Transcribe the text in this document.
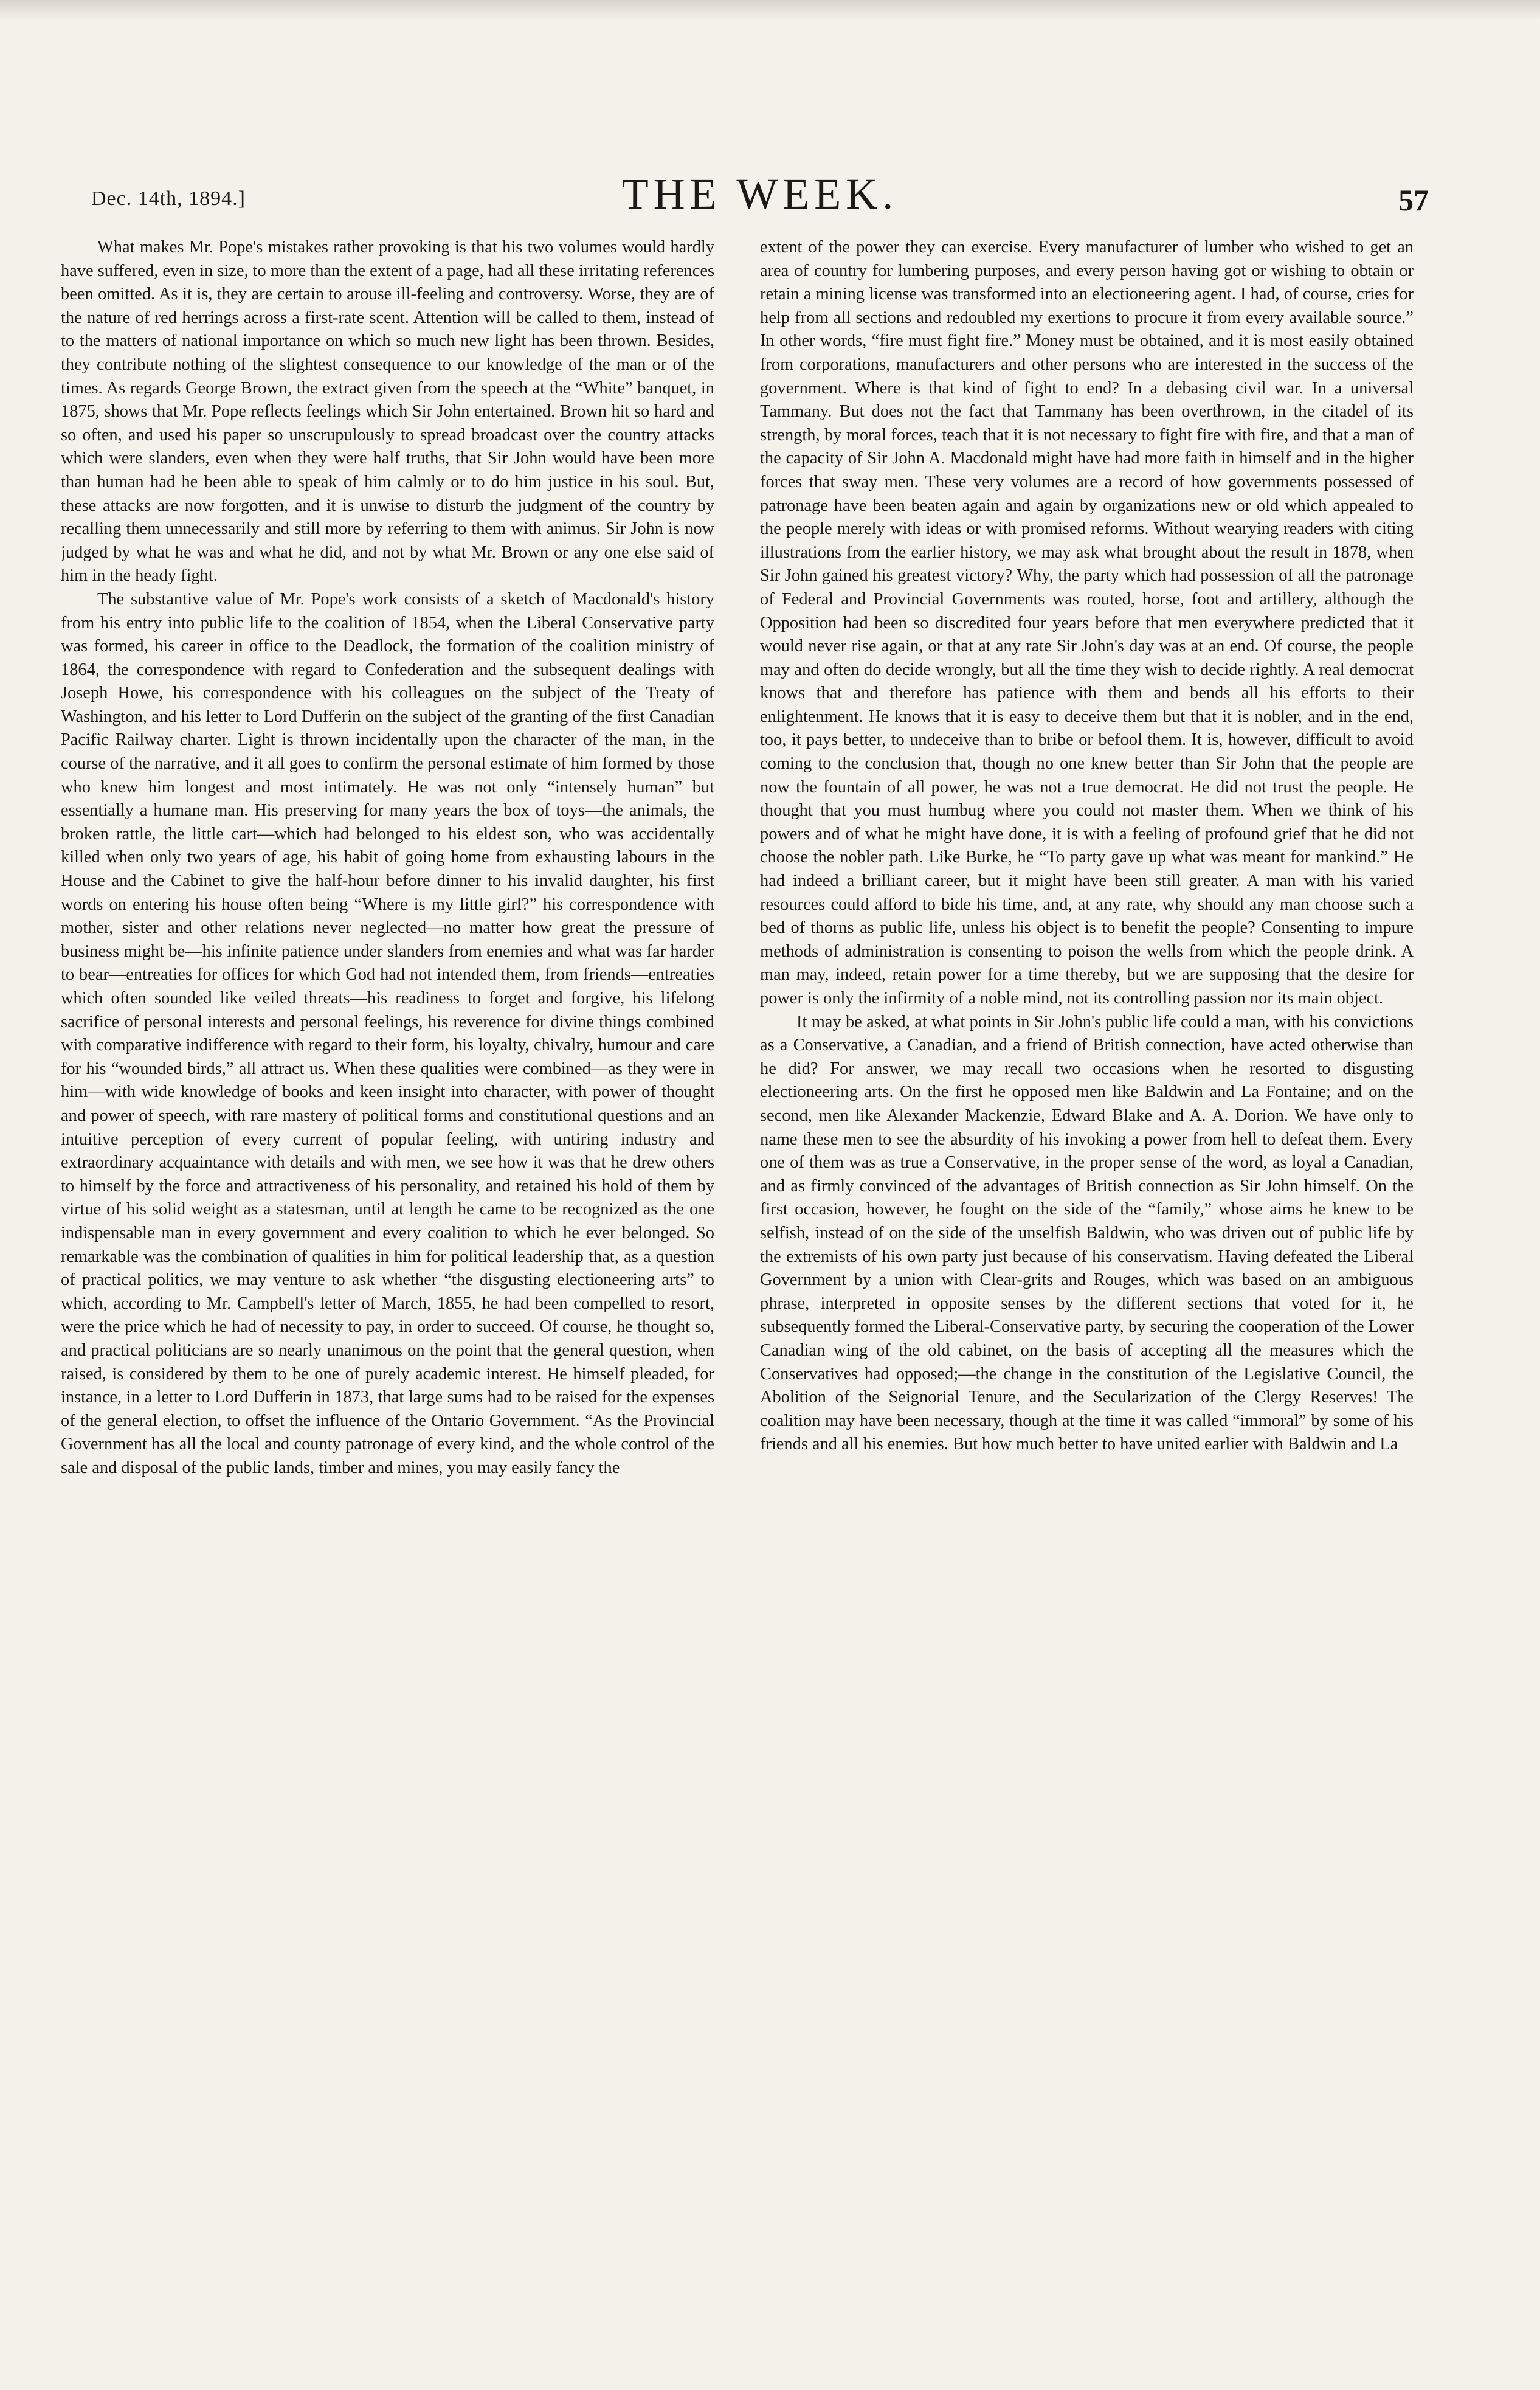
Dec. 14th, 1894.]	THE WEEK.	57

What makes Mr. Pope's mistakes rather provoking is that his two volumes would hardly have suffered, even in size, to more than the extent of a page, had all these irritating references been omitted. As it is, they are certain to arouse ill-feeling and controversy. Worse, they are of the nature of red herrings across a first-rate scent. Attention will be called to them, instead of to the matters of national importance on which so much new light has been thrown. Besides, they contribute nothing of the slightest consequence to our knowledge of the man or of the times. As regards George Brown, the extract given from the speech at the “White” banquet, in 1875, shows that Mr. Pope reflects feelings which Sir John entertained. Brown hit so hard and so often, and used his paper so unscrupulously to spread broadcast over the country attacks which were slanders, even when they were half truths, that Sir John would have been more than human had he been able to speak of him calmly or to do him justice in his soul. But, these attacks are now forgotten, and it is unwise to disturb the judgment of the country by recalling them unnecessarily and still more by referring to them with animus. Sir John is now judged by what he was and what he did, and not by what Mr. Brown or any one else said of him in the heady fight.

The substantive value of Mr. Pope's work consists of a sketch of Macdonald's history from his entry into public life to the coalition of 1854, when the Liberal Conservative party was formed, his career in office to the Deadlock, the formation of the coalition ministry of 1864, the correspondence with regard to Confederation and the subsequent dealings with Joseph Howe, his correspondence with his colleagues on the subject of the Treaty of Washington, and his letter to Lord Dufferin on the subject of the granting of the first Canadian Pacific Railway charter. Light is thrown incidentally upon the character of the man, in the course of the narrative, and it all goes to confirm the personal estimate of him formed by those who knew him longest and most intimately. He was not only “intensely human” but essentially a humane man. His preserving for many years the box of toys—the animals, the broken rattle, the little cart—which had belonged to his eldest son, who was accidentally killed when only two years of age, his habit of going home from exhausting labours in the House and the Cabinet to give the half-hour before dinner to his invalid daughter, his first words on entering his house often being “Where is my little girl?” his correspondence with mother, sister and other relations never neglected—no matter how great the pressure of business might be—his infinite patience under slanders from enemies and what was far harder to bear—entreaties for offices for which God had not intended them, from friends—entreaties which often sounded like veiled threats—his readiness to forget and forgive, his lifelong sacrifice of personal interests and personal feelings, his reverence for divine things combined with comparative indifference with regard to their form, his loyalty, chivalry, humour and care for his “wounded birds,” all attract us. When these qualities were combined—as they were in him—with wide knowledge of books and keen insight into character, with power of thought and power of speech, with rare mastery of political forms and constitutional questions and an intuitive perception of every current of popular feeling, with untiring industry and extraordinary acquaintance with details and with men, we see how it was that he drew others to himself by the force and attractiveness of his personality, and retained his hold of them by virtue of his solid weight as a statesman, until at length he came to be recognized as the one indispensable man in every government and every coalition to which he ever belonged. So remarkable was the combination of qualities in him for political leadership that, as a question of practical politics, we may venture to ask whether “the disgusting electioneering arts” to which, according to Mr. Campbell's letter of March, 1855, he had been compelled to resort, were the price which he had of necessity to pay, in order to succeed. Of course, he thought so, and practical politicians are so nearly unanimous on the point that the general question, when raised, is considered by them to be one of purely academic interest. He himself pleaded, for instance, in a letter to Lord Dufferin in 1873, that large sums had to be raised for the expenses of the general election, to offset the influence of the Ontario Government. “As the Provincial Government has all the local and county patronage of every kind, and the whole control of the sale and disposal of the public lands, timber and mines, you may easily fancy the

extent of the power they can exercise. Every manufacturer of lumber who wished to get an area of country for lumbering purposes, and every person having got or wishing to obtain or retain a mining license was transformed into an electioneering agent. I had, of course, cries for help from all sections and redoubled my exertions to procure it from every available source.” In other words, “fire must fight fire.” Money must be obtained, and it is most easily obtained from corporations, manufacturers and other persons who are interested in the success of the government. Where is that kind of fight to end? In a debasing civil war. In a universal Tammany. But does not the fact that Tammany has been overthrown, in the citadel of its strength, by moral forces, teach that it is not necessary to fight fire with fire, and that a man of the capacity of Sir John A. Macdonald might have had more faith in himself and in the higher forces that sway men. These very volumes are a record of how governments possessed of patronage have been beaten again and again by organizations new or old which appealed to the people merely with ideas or with promised reforms. Without wearying readers with citing illustrations from the earlier history, we may ask what brought about the result in 1878, when Sir John gained his greatest victory? Why, the party which had possession of all the patronage of Federal and Provincial Governments was routed, horse, foot and artillery, although the Opposition had been so discredited four years before that men everywhere predicted that it would never rise again, or that at any rate Sir John's day was at an end. Of course, the people may and often do decide wrongly, but all the time they wish to decide rightly. A real democrat knows that and therefore has patience with them and bends all his efforts to their enlightenment. He knows that it is easy to deceive them but that it is nobler, and in the end, too, it pays better, to undeceive than to bribe or befool them. It is, however, difficult to avoid coming to the conclusion that, though no one knew better than Sir John that the people are now the fountain of all power, he was not a true democrat. He did not trust the people. He thought that you must humbug where you could not master them. When we think of his powers and of what he might have done, it is with a feeling of profound grief that he did not choose the nobler path. Like Burke, he “To party gave up what was meant for mankind.” He had indeed a brilliant career, but it might have been still greater. A man with his varied resources could afford to bide his time, and, at any rate, why should any man choose such a bed of thorns as public life, unless his object is to benefit the people? Consenting to impure methods of administration is consenting to poison the wells from which the people drink. A man may, indeed, retain power for a time thereby, but we are supposing that the desire for power is only the infirmity of a noble mind, not its controlling passion nor its main object.

It may be asked, at what points in Sir John's public life could a man, with his convictions as a Conservative, a Canadian, and a friend of British connection, have acted otherwise than he did? For answer, we may recall two occasions when he resorted to disgusting electioneering arts. On the first he opposed men like Baldwin and La Fontaine; and on the second, men like Alexander Mackenzie, Edward Blake and A. A. Dorion. We have only to name these men to see the absurdity of his invoking a power from hell to defeat them. Every one of them was as true a Conservative, in the proper sense of the word, as loyal a Canadian, and as firmly convinced of the advantages of British connection as Sir John himself. On the first occasion, however, he fought on the side of the “family,” whose aims he knew to be selfish, instead of on the side of the unselfish Baldwin, who was driven out of public life by the extremists of his own party just because of his conservatism. Having defeated the Liberal Government by a union with Clear-grits and Rouges, which was based on an ambiguous phrase, interpreted in opposite senses by the different sections that voted for it, he subsequently formed the Liberal-Conservative party, by securing the cooperation of the Lower Canadian wing of the old cabinet, on the basis of accepting all the measures which the Conservatives had opposed;—the change in the constitution of the Legislative Council, the Abolition of the Seignorial Tenure, and the Secularization of the Clergy Reserves! The coalition may have been necessary, though at the time it was called “immoral” by some of his friends and all his enemies. But how much better to have united earlier with Baldwin and La
